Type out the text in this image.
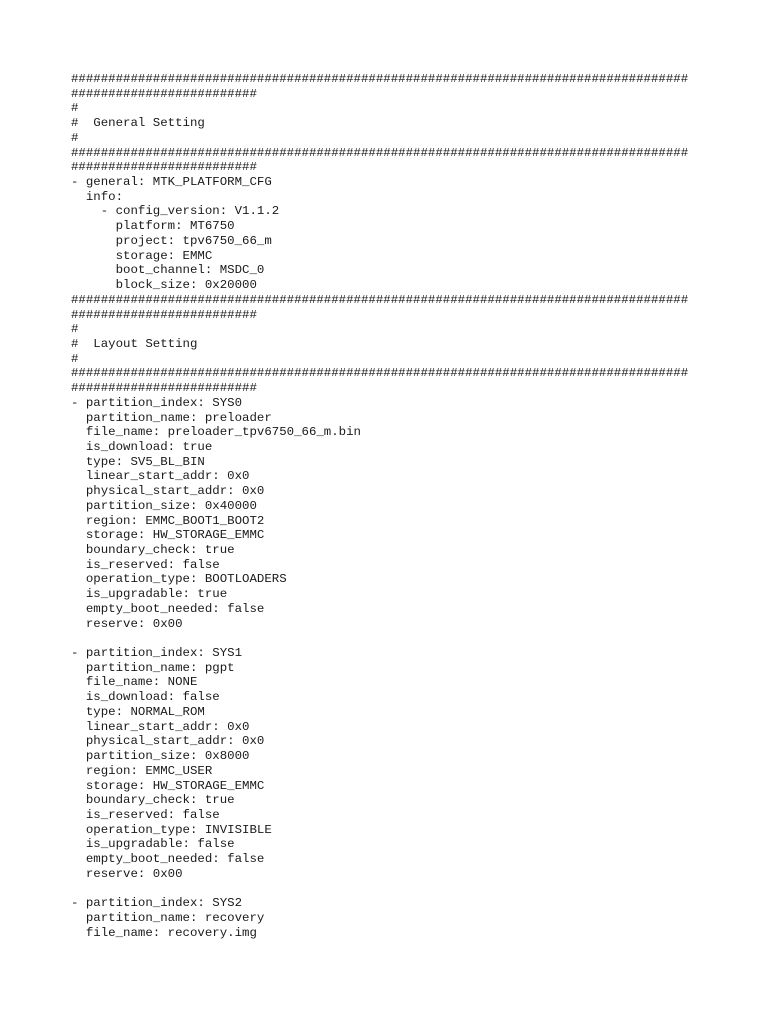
###################################################################################
#########################
#
#  General Setting
#
###################################################################################
#########################
- general: MTK_PLATFORM_CFG
info:
- config_version: V1.1.2
platform: MT6750
project: tpv6750_66_m
storage: EMMC
boot_channel: MSDC_0
block_size: 0x20000
###################################################################################
#########################
#
#  Layout Setting
#
###################################################################################
#########################
- partition_index: SYS0
partition_name: preloader
file_name: preloader_tpv6750_66_m.bin
is_download: true
type: SV5_BL_BIN
linear_start_addr: 0x0
physical_start_addr: 0x0
partition_size: 0x40000
region: EMMC_BOOT1_BOOT2
storage: HW_STORAGE_EMMC
boundary_check: true
is_reserved: false
operation_type: BOOTLOADERS
is_upgradable: true
empty_boot_needed: false
reserve: 0x00
- partition_index: SYS1
partition_name: pgpt
file_name: NONE
is_download: false
type: NORMAL_ROM
linear_start_addr: 0x0
physical_start_addr: 0x0
partition_size: 0x8000
region: EMMC_USER
storage: HW_STORAGE_EMMC
boundary_check: true
is_reserved: false
operation_type: INVISIBLE
is_upgradable: false
empty_boot_needed: false
reserve: 0x00
- partition_index: SYS2
partition_name: recovery
file_name: recovery.img
